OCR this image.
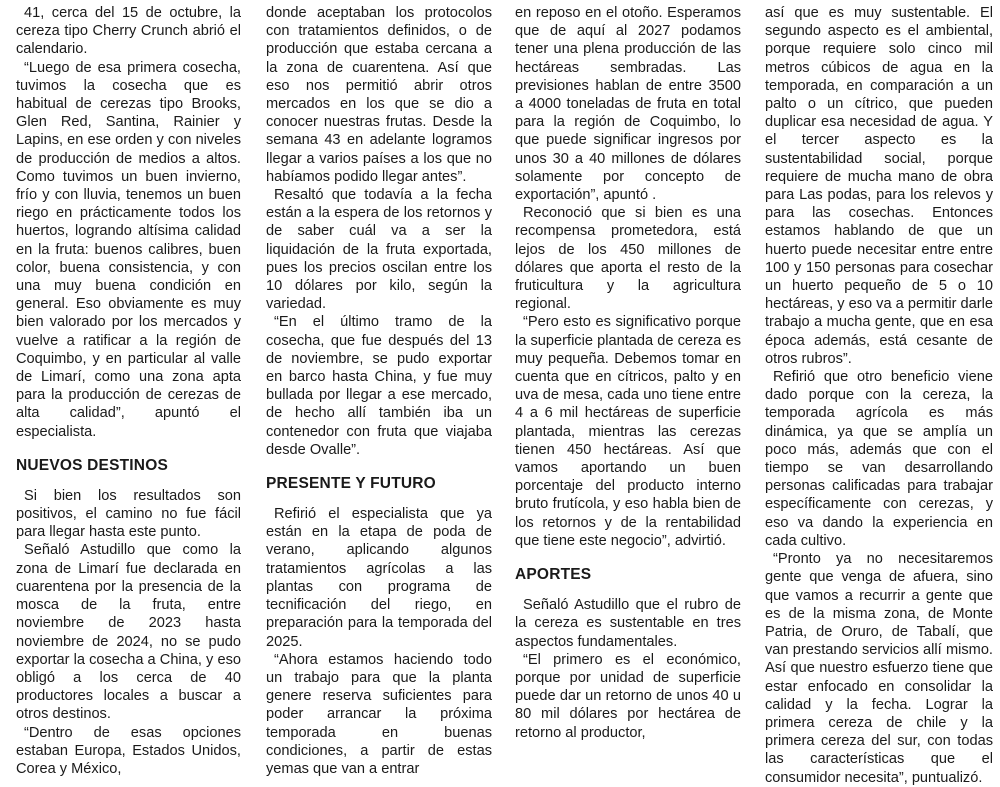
41, cerca del 15 de octubre, la cereza tipo Cherry Crunch abrió el calendario.

“Luego de esa primera cosecha, tuvimos la cosecha que es habitual de cerezas tipo Brooks, Glen Red, Santina, Rainier y Lapins, en ese orden y con niveles de producción de medios a altos. Como tuvimos un buen invierno, frío y con lluvia, tenemos un buen riego en prácticamente todos los huertos, logrando altísima calidad en la fruta: buenos calibres, buen color, buena consistencia, y con una muy buena condición en general. Eso obviamente es muy bien valorado por los mercados y vuelve a ratificar a la región de Coquimbo, y en particular al valle de Limarí, como una zona apta para la producción de cerezas de alta calidad”, apuntó el especialista.

NUEVOS DESTINOS

Si bien los resultados son positivos, el camino no fue fácil para llegar hasta este punto.

Señaló Astudillo que como la zona de Limarí fue declarada en cuarentena por la presencia de la mosca de la fruta, entre noviembre de 2023 hasta noviembre de 2024, no se pudo exportar la cosecha a China, y eso obligó a los cerca de 40 productores locales a buscar a otros destinos.

“Dentro de esas opciones estaban Europa, Estados Unidos, Corea y México,

donde aceptaban los protocolos con tratamientos definidos, o de producción que estaba cercana a la zona de cuarentena. Así que eso nos permitió abrir otros mercados en los que se dio a conocer nuestras frutas. Desde la semana 43 en adelante logramos llegar a varios países a los que no habíamos podido llegar antes”.

Resaltó que todavía a la fecha están a la espera de los retornos y de saber cuál va a ser la liquidación de la fruta exportada, pues los precios oscilan entre los 10 dólares por kilo, según la variedad.

“En el último tramo de la cosecha, que fue después del 13 de noviembre, se pudo exportar en barco hasta China, y fue muy bullada por llegar a ese mercado, de hecho allí también iba un contenedor con fruta que viajaba desde Ovalle”.

PRESENTE Y FUTURO

Refirió el especialista que ya están en la etapa de poda de verano, aplicando algunos tratamientos agrícolas a las plantas con programa de tecnificación del riego, en preparación para la temporada del 2025.

“Ahora estamos haciendo todo un trabajo para que la planta genere reserva suficientes para poder arrancar la próxima temporada en buenas condiciones, a partir de estas yemas que van a entrar

en reposo en el otoño. Esperamos que de aquí al 2027 podamos tener una plena producción de las hectáreas sembradas. Las previsiones hablan de entre 3500 a 4000 toneladas de fruta en total para la región de Coquimbo, lo que puede significar ingresos por unos 30 a 40 millones de dólares solamente por concepto de exportación”, apuntó .

Reconoció que si bien es una recompensa prometedora, está lejos de los 450 millones de dólares que aporta el resto de la fruticultura y la agricultura regional.

“Pero esto es significativo porque la superficie plantada de cereza es muy pequeña. Debemos tomar en cuenta que en cítricos, palto y en uva de mesa, cada uno tiene entre 4 a 6 mil hectáreas de superficie plantada, mientras las cerezas tienen 450 hectáreas. Así que vamos aportando un buen porcentaje del producto interno bruto frutícola, y eso habla bien de los retornos y de la rentabilidad que tiene este negocio”, advirtió.

APORTES

Señaló Astudillo que el rubro de la cereza es sustentable en tres aspectos fundamentales.

“El primero es el económico, porque por unidad de superficie puede dar un retorno de unos 40 u 80 mil dólares por hectárea de retorno al productor,

así que es muy sustentable. El segundo aspecto es el ambiental, porque requiere solo cinco mil metros cúbicos de agua en la temporada, en comparación a un palto o un cítrico, que pueden duplicar esa necesidad de agua. Y el tercer aspecto es la sustentabilidad social, porque requiere de mucha mano de obra para Las podas, para los relevos y para las cosechas. Entonces estamos hablando de que un huerto puede necesitar entre entre 100 y 150 personas para cosechar un huerto pequeño de 5 o 10 hectáreas, y eso va a permitir darle trabajo a mucha gente, que en esa época además, está cesante de otros rubros”.

Refirió que otro beneficio viene dado porque con la cereza, la temporada agrícola es más dinámica, ya que se amplía un poco más, además que con el tiempo se van desarrollando personas calificadas para trabajar específicamente con cerezas, y eso va dando la experiencia en cada cultivo.

“Pronto ya no necesitaremos gente que venga de afuera, sino que vamos a recurrir a gente que es de la misma zona, de Monte Patria, de Oruro, de Tabalí, que van prestando servicios allí mismo. Así que nuestro esfuerzo tiene que estar enfocado en consolidar la calidad y la fecha. Lograr la primera cereza de chile y la primera cereza del sur, con todas las características que el consumidor necesita”, puntualizó.
